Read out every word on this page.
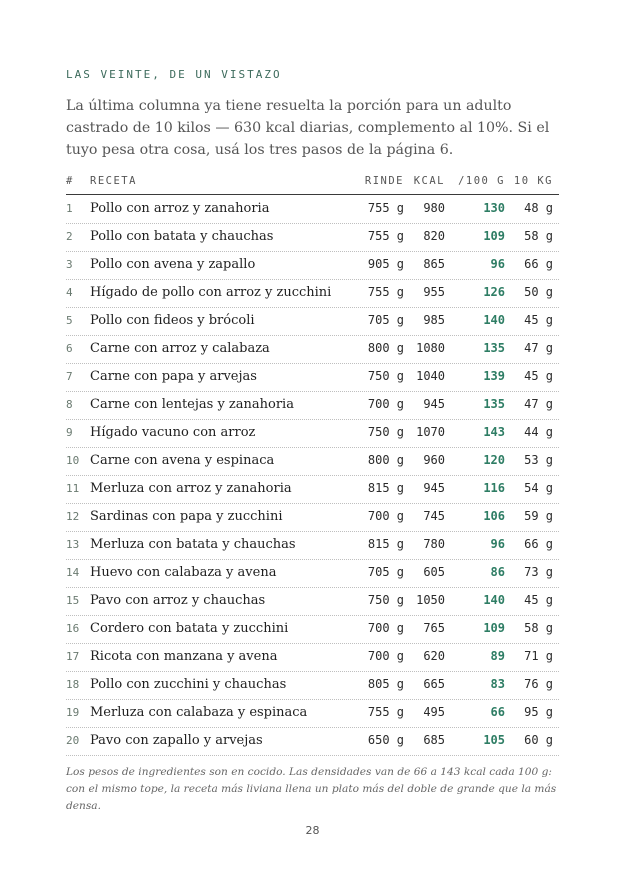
LAS VEINTE, DE UN VISTAZO
La última columna ya tiene resuelta la porción para un adulto castrado de 10 kilos — 630 kcal diarias, complemento al 10%. Si el tuyo pesa otra cosa, usá los tres pasos de la página 6.
# RECETA	RINDE KCAL /100 G 10 KG
1 Pollo con arroz y zanahoria	755 g 980	130 48 g
2 Pollo con batata y chauchas	755 g 820	109 58 g
3 Pollo con avena y zapallo	905 g 865	96 66 g
4 Hígado de pollo con arroz y zucchini	755 g 955	126 50 g
5 Pollo con fideos y brócoli	705 g 985	140 45 g
6 Carne con arroz y calabaza	800 g 1080	135 47 g
7 Carne con papa y arvejas	750 g 1040	139 45 g
8 Carne con lentejas y zanahoria	700 g 945	135 47 g
9 Hígado vacuno con arroz	750 g 1070	143 44 g
10 Carne con avena y espinaca	800 g 960	120 53 g
11 Merluza con arroz y zanahoria	815 g 945	116 54 g
12 Sardinas con papa y zucchini	700 g 745	106 59 g
13 Merluza con batata y chauchas	815 g 780	96 66 g
14 Huevo con calabaza y avena	705 g 605	86 73 g
15 Pavo con arroz y chauchas	750 g 1050	140 45 g
16 Cordero con batata y zucchini	700 g 765	109 58 g
17 Ricota con manzana y avena	700 g 620	89 71 g
18 Pollo con zucchini y chauchas	805 g 665	83 76 g
19 Merluza con calabaza y espinaca	755 g 495	66 95 g
20 Pavo con zapallo y arvejas	650 g 685	105 60 g
Los pesos de ingredientes son en cocido. Las densidades van de 66 a 143 kcal cada 100 g: con el mismo tope, la receta más liviana llena un plato más del doble de grande que la más densa.
28
